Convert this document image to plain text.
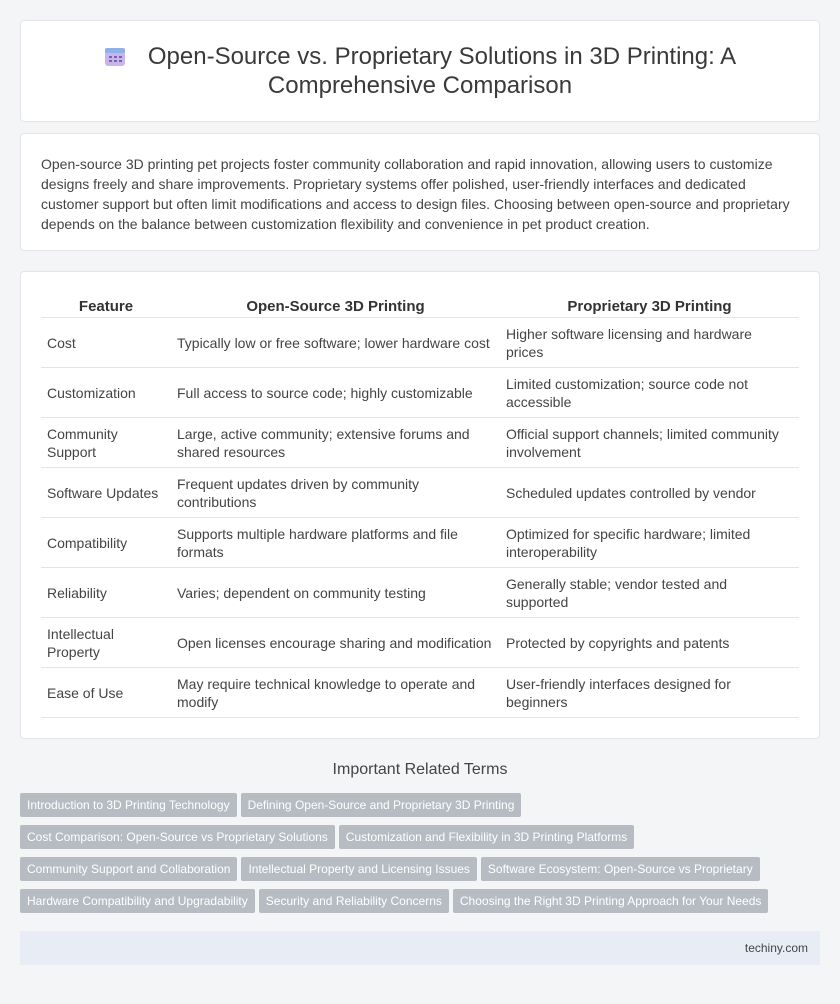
Open-Source vs. Proprietary Solutions in 3D Printing: A Comprehensive Comparison
Open-source 3D printing pet projects foster community collaboration and rapid innovation, allowing users to customize designs freely and share improvements. Proprietary systems offer polished, user-friendly interfaces and dedicated customer support but often limit modifications and access to design files. Choosing between open-source and proprietary depends on the balance between customization flexibility and convenience in pet product creation.
Feature	Open-Source 3D Printing	Proprietary 3D Printing
Cost	Typically low or free software; lower hardware cost	Higher software licensing and hardware prices
Customization	Full access to source code; highly customizable	Limited customization; source code not accessible
Community Support	Large, active community; extensive forums and shared resources	Official support channels; limited community involvement
Software Updates	Frequent updates driven by community contributions	Scheduled updates controlled by vendor
Compatibility	Supports multiple hardware platforms and file formats	Optimized for specific hardware; limited interoperability
Reliability	Varies; dependent on community testing	Generally stable; vendor tested and supported
Intellectual Property	Open licenses encourage sharing and modification	Protected by copyrights and patents
Ease of Use	May require technical knowledge to operate and modify	User-friendly interfaces designed for beginners
Important Related Terms
Introduction to 3D Printing Technology Defining Open-Source and Proprietary 3D Printing
Cost Comparison: Open-Source vs Proprietary Solutions Customization and Flexibility in 3D Printing Platforms
Community Support and Collaboration Intellectual Property and Licensing Issues Software Ecosystem: Open-Source vs Proprietary
Hardware Compatibility and Upgradability Security and Reliability Concerns Choosing the Right 3D Printing Approach for Your Needs
techiny.com
